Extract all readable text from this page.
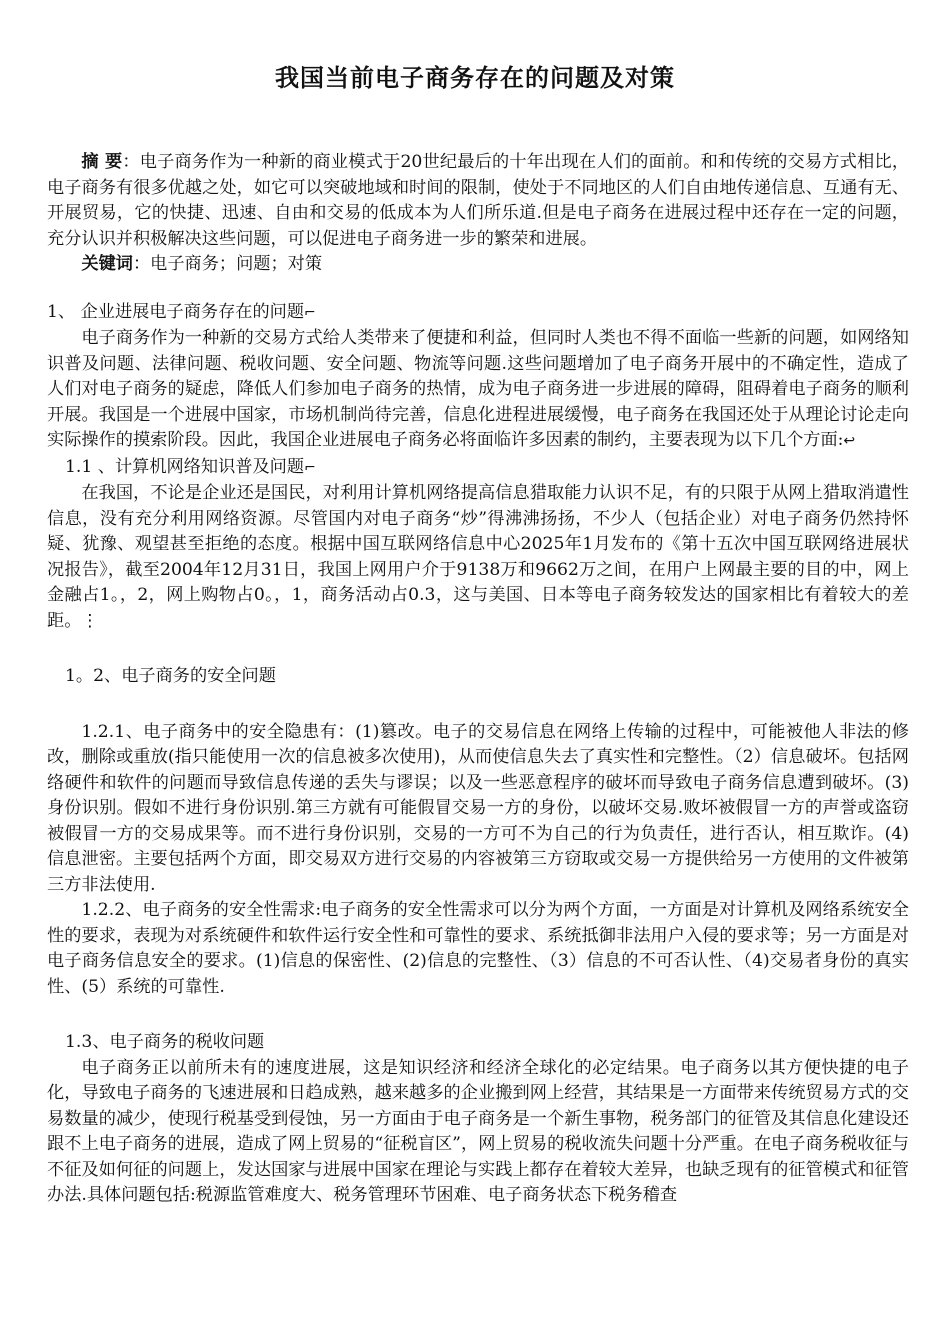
我国当前电子商务存在的问题及对策

摘 要：电子商务作为一种新的商业模式于20世纪最后的十年出现在人们的面前。和和传统的交易方式相比，电子商务有很多优越之处，如它可以突破地域和时间的限制，使处于不同地区的人们自由地传递信息、互通有无、开展贸易，它的快捷、迅速、自由和交易的低成本为人们所乐道.但是电子商务在进展过程中还存在一定的问题，充分认识并积极解决这些问题，可以促进电子商务进一步的繁荣和进展。

关键词：电子商务；问题；对策

1、 企业进展电子商务存在的问题⌐

电子商务作为一种新的交易方式给人类带来了便捷和利益，但同时人类也不得不面临一些新的问题，如网络知识普及问题、法律问题、税收问题、安全问题、物流等问题.这些问题增加了电子商务开展中的不确定性，造成了人们对电子商务的疑虑，降低人们参加电子商务的热情，成为电子商务进一步进展的障碍，阻碍着电子商务的顺利开展。我国是一个进展中国家，市场机制尚待完善，信息化进程进展缓慢，电子商务在我国还处于从理论讨论走向实际操作的摸索阶段。因此，我国企业进展电子商务必将面临许多因素的制约，主要表现为以下几个方面:↩

1.1 、计算机网络知识普及问题⌐

在我国，不论是企业还是国民，对利用计算机网络提高信息猎取能力认识不足，有的只限于从网上猎取消遣性信息，没有充分利用网络资源。尽管国内对电子商务“炒”得沸沸扬扬，不少人（包括企业）对电子商务仍然持怀疑、犹豫、观望甚至拒绝的态度。根据中国互联网络信息中心2025年1月发布的《第十五次中国互联网络进展状况报告》，截至2004年12月31日，我国上网用户介于9138万和9662万之间，在用户上网最主要的目的中，网上金融占1。，2，网上购物占0。，1，商务活动占0.3，这与美国、日本等电子商务较发达的国家相比有着较大的差距。⋮

1。2、电子商务的安全问题

1.2.1、电子商务中的安全隐患有：(1)篡改。电子的交易信息在网络上传输的过程中，可能被他人非法的修改，删除或重放(指只能使用一次的信息被多次使用)，从而使信息失去了真实性和完整性。（2）信息破坏。包括网络硬件和软件的问题而导致信息传递的丢失与谬误；以及一些恶意程序的破坏而导致电子商务信息遭到破坏。(3)身份识别。假如不进行身份识别.第三方就有可能假冒交易一方的身份，以破坏交易.败坏被假冒一方的声誉或盗窃被假冒一方的交易成果等。而不进行身份识别，交易的一方可不为自己的行为负责任，进行否认，相互欺诈。(4)信息泄密。主要包括两个方面，即交易双方进行交易的内容被第三方窃取或交易一方提供给另一方使用的文件被第三方非法使用.

1.2.2、电子商务的安全性需求:电子商务的安全性需求可以分为两个方面，一方面是对计算机及网络系统安全性的要求，表现为对系统硬件和软件运行安全性和可靠性的要求、系统抵御非法用户入侵的要求等；另一方面是对电子商务信息安全的要求。(1)信息的保密性、(2)信息的完整性、（3）信息的不可否认性、（4)交易者身份的真实性、(5）系统的可靠性.

1.3、电子商务的税收问题

电子商务正以前所未有的速度进展，这是知识经济和经济全球化的必定结果。电子商务以其方便快捷的电子化，导致电子商务的飞速进展和日趋成熟，越来越多的企业搬到网上经营，其结果是一方面带来传统贸易方式的交易数量的减少，使现行税基受到侵蚀，另一方面由于电子商务是一个新生事物，税务部门的征管及其信息化建设还跟不上电子商务的进展，造成了网上贸易的“征税盲区”，网上贸易的税收流失问题十分严重。在电子商务税收征与不征及如何征的问题上，发达国家与进展中国家在理论与实践上都存在着较大差异，也缺乏现有的征管模式和征管办法.具体问题包括:税源监管难度大、税务管理环节困难、电子商务状态下税务稽查
